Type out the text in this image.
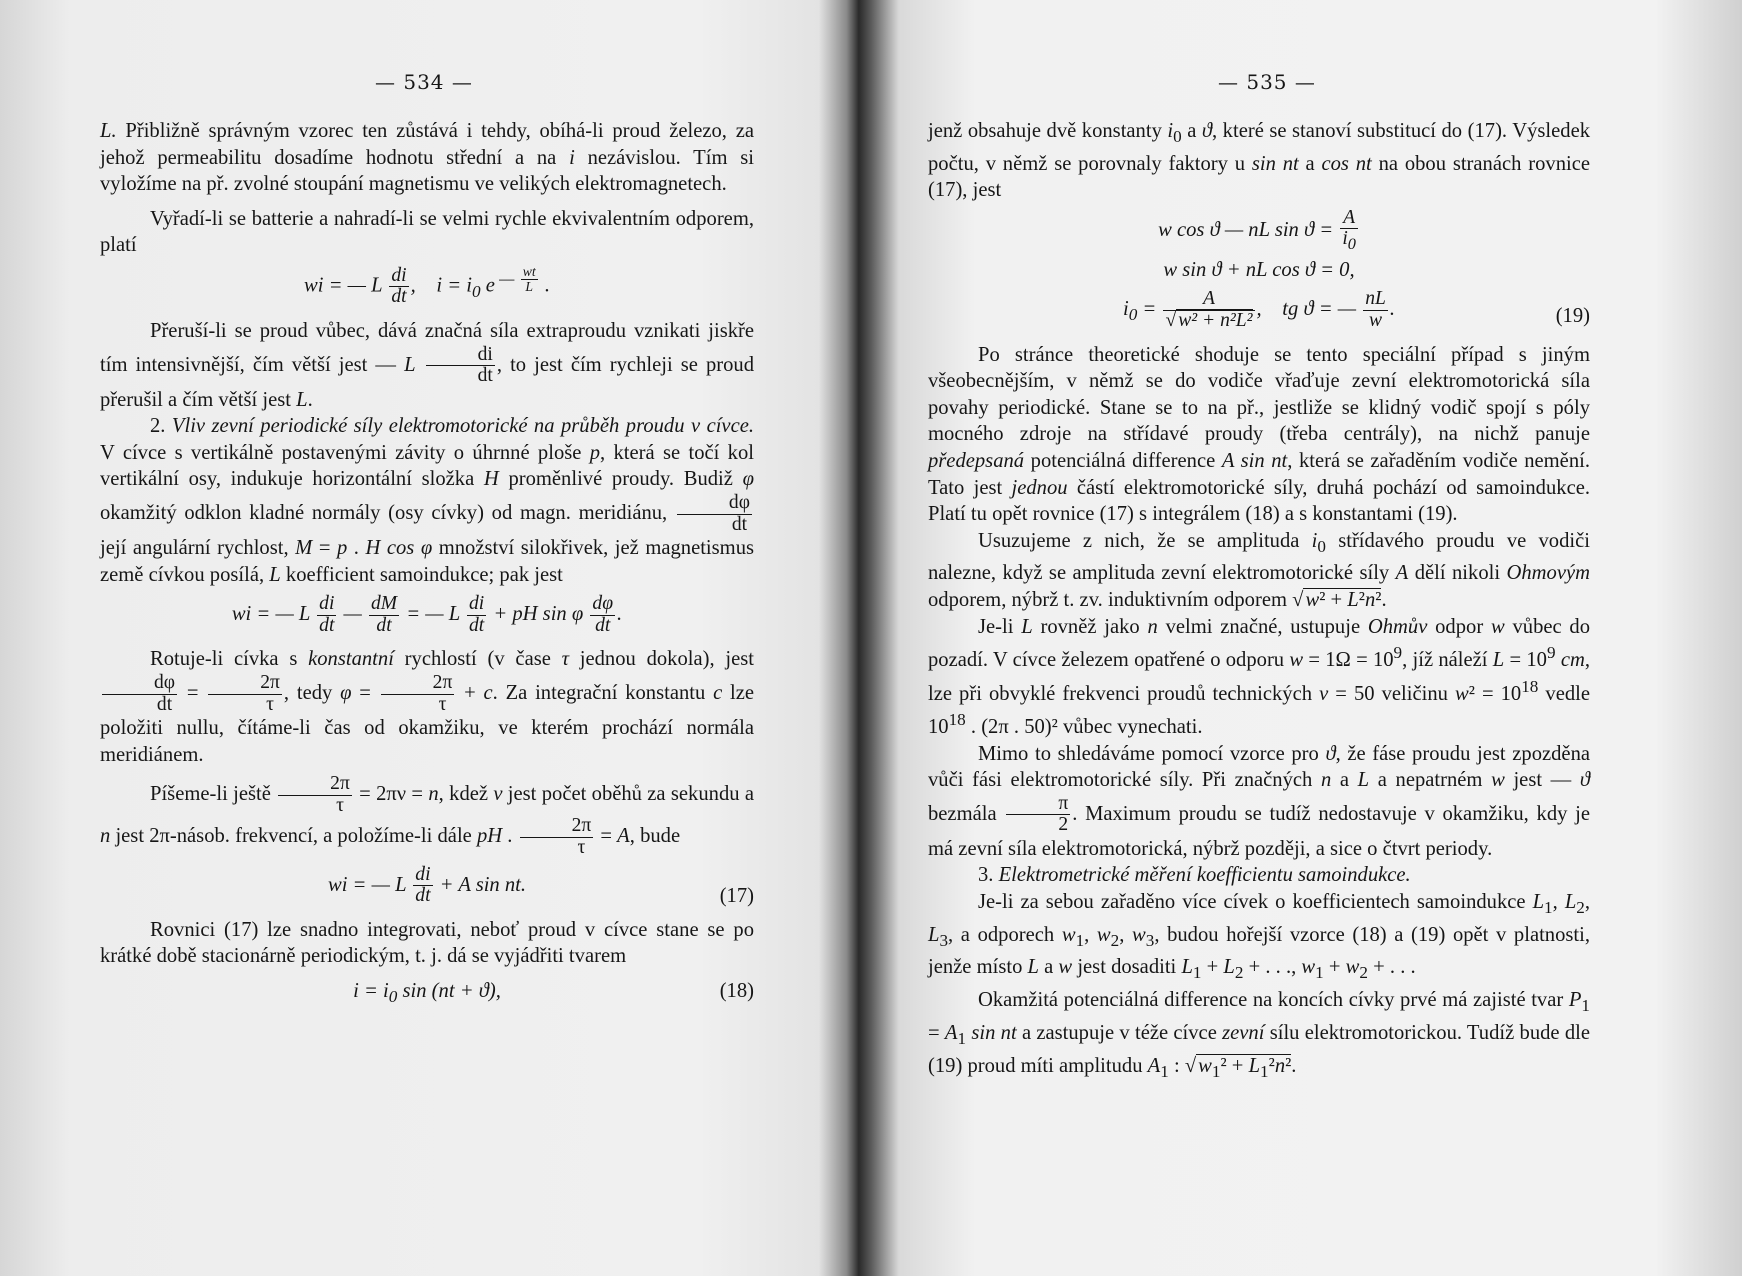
— 534 —

L. Přibližně správným vzorec ten zůstává i tehdy, obíhá-li proud železo, za jehož permeabilitu dosadíme hodnotu střední a na i nezávislou. Tím si vyložíme na př. zvolné stoupání magnetismu ve velikých elektromagnetech.

Vyřadí-li se batterie a nahradí-li se velmi rychle ekvivalentním odporem, platí

wi = — L $\frac{di}{dt}$ ,    $i = i_0$ e $^{— \frac{wt}{L}}$ .

Přeruší-li se proud vůbec, dává značná síla extraproudu vznikati jiskře tím intensivnější, čím větší jest — L $\frac{di}{dt}$ , to jest čím rychleji se proud přerušil a čím větší jest L.

2. Vliv zevní periodické síly elektromotorické na průběh proudu v cívce. V cívce s vertikálně postavenými závity o úhrnné ploše p, která se točí kol vertikální osy, indukuje horizontální složka H proměnlivé proudy. Budiž φ okamžitý odklon kladné normály (osy cívky) od magn. meridiánu, $\frac{d\varphi}{dt}$
její angulární rychlost, M = p . H cos φ množství silokřivek, jež magnetismus země cívkou posílá, L koefficient samoindukce; pak jest

wi = — L $\frac{di}{dt}$ — $\frac{dM}{dt}$ = — L $\frac{di}{dt}$ + pH sin φ $\frac{d\varphi}{dt}$ .

Rotuje-li cívka s konstantní rychlostí (v čase τ jednou dokola), jest
$\frac{d\varphi}{dt} = \frac{2\pi}{\tau}$ , tedy $\varphi = \frac{2\pi}{\tau} + c$. Za integrační konstantu c lze položiti nullu, čítáme-li čas od okamžiku, ve kterém prochází normála meridiánem.

Píšeme-li ještě $\frac{2\pi}{\tau} = 2\pi\nu = n$, kdež ν jest počet oběhů za sekundu a n jest 2π-násob. frekvencí, a položíme-li dále pH . $\frac{2\pi}{\tau} = A$, bude

wi = — L $\frac{di}{dt} + A$ sin nt.
(17)

Rovnici (17) lze snadno integrovati, neboť proud v cívce stane se po krátké době stacionárně periodickým, t. j. dá se vyjádřiti tvarem

$i = i_0$ sin (nt + ϑ),	(18)
— 535 —

jenž obsahuje dvě konstanty $i_0$ a ϑ, které se stanoví substitucí do (17). Výsledek počtu, v němž se porovnaly faktory u sin nt a cos nt na obou stranách rovnice (17), jest

w cos ϑ — nL $\sin ϑ = \frac{A}{i_0}$
w sin ϑ + nL cos ϑ = 0,
$i_0 = \frac{A}{\text{√ w² + n²L²}}$ ,    tg ϑ = — $\frac{nL}{w}$ .	(19)

Po stránce theoretické shoduje se tento speciální případ s jiným všeobecnějším, v němž se do vodiče vřaďuje zevní elektromotorická síla povahy periodické. Stane se to na př., jestliže se klidný vodič spojí s póly mocného zdroje na střídavé proudy (třeba centrály), na nichž panuje předepsaná potenciálná difference A sin nt, která se zařaděním vodiče nemění. Tato jest jednou částí elektromotorické síly, druhá pochází od samoindukce. Platí tu opět rovnice (17) s integrálem (18) a s konstantami (19).

Usuzujeme z nich, že se amplituda $i_0$ střídavého proudu ve vodiči nalezne, když se amplituda zevní elektromotorické síly A dělí nikoli Ohmovým odporem, nýbrž t. zv. induktivním odporem √w² + L²n².

Je-li L rovněž jako n velmi značné, ustupuje Ohmův odpor w vůbec do pozadí. V cívce železem opatřené o odporu $w = 1\Omega = 10^9$, jíž náleží $L = 10^9$ cm, lze při obvyklé frekvenci proudů technických ν = 50 veličinu $w^2 = 10^{18}$ vedle $10^{18}$ . (2π . 50)² vůbec vynechati.

Mimo to shledáváme pomocí vzorce pro ϑ, že fáse proudu jest zpozděna vůči fási elektromotorické síly. Při značných n a L a nepatrném w jest — ϑ bezmála $\frac{\pi}{2}$ . Maximum proudu se tudíž nedostavuje v okamžiku, kdy je má zevní síla elektromotorická, nýbrž později, a sice o čtvrt periody.

3. Elektrometrické měření koefficientu samoindukce.

Je-li za sebou zařaděno více cívek o koefficientech samoindukce $L_1$, $L_2$, $L_3$, a odporech $w_1$, $w_2$, $w_3$, budou hořejší vzorce (18) a (19) opět v platnosti, jenže místo L a w jest dosaditi $L_1 + L_2$ + . . ., $w_1 + w_2$ + . . .

Okamžitá potenciálná difference na koncích cívky prvé má zajisté tvar $P_1 = A_1$ sin nt a zastupuje v téže cívce zevní sílu elektromotorickou. Tudíž bude dle (19) proud míti amplitudu $A_1$ : $√w_1^2 + L_1^2n^2$.
